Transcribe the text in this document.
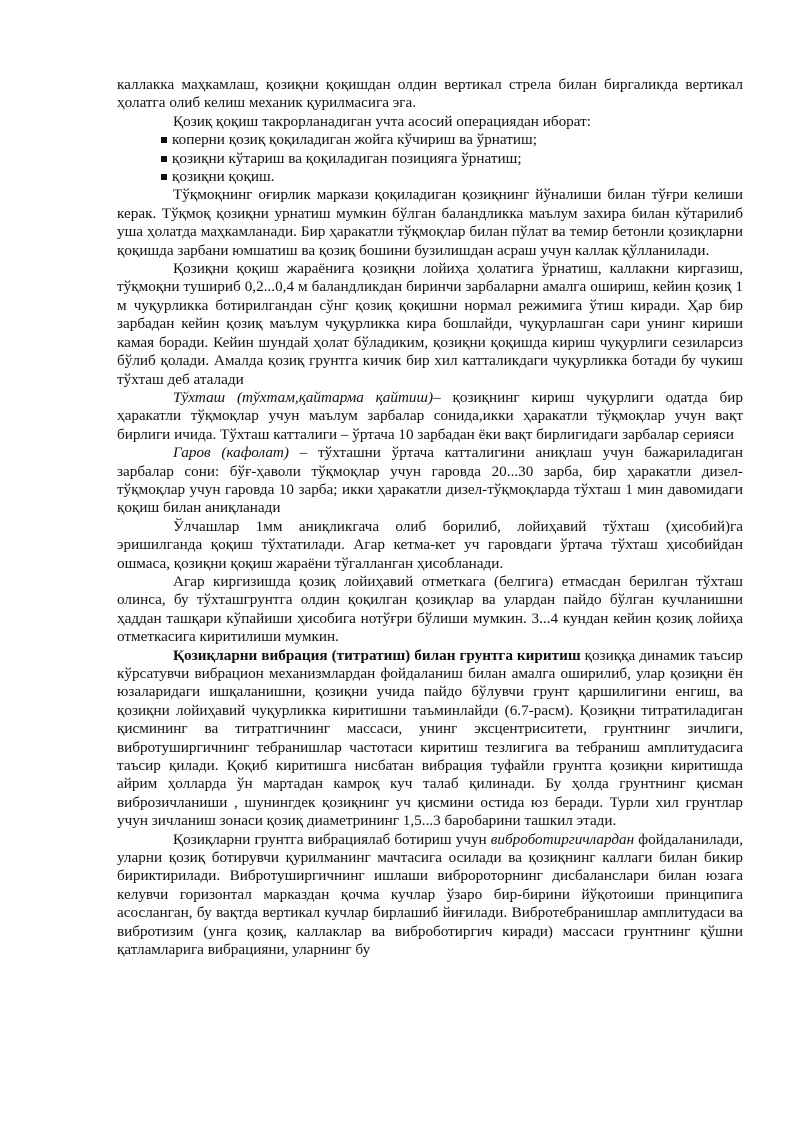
каллакка маҳкамлаш, қозиқни қоқишдан олдин вертикал стрела билан биргаликда вертикал ҳолатга олиб келиш механик қурилмасига эга.

Қозиқ қоқиш такрорланадиган учта асосий операциядан иборат:

коперни қозиқ қоқиладиган жойга кўчириш ва ўрнатиш;
қозиқни кўтариш ва қоқиладиган позицияга ўрнатиш;
қозиқни қоқиш.

Тўқмоқнинг оғирлик маркази қоқиладиган қозиқнинг йўналиши билан тўғри келиши керак. Тўқмоқ қозиқни урнатиш мумкин бўлган баландликка маълум захира билан кўтарилиб уша ҳолатда маҳкамланади. Бир ҳаракатли тўқмоқлар билан пўлат ва темир бетонли қозиқларни қоқишда зарбани юмшатиш ва қозиқ бошини бузилишдан асраш учун каллак қўлланилади.

Қозиқни қоқиш жараёнига қозиқни лойиҳа ҳолатига ўрнатиш, каллакни киргазиш, тўқмоқни тушириб 0,2...0,4 м баландликдан биринчи зарбаларни амалга ошириш, кейин қозиқ 1 м чуқурликка ботирилгандан сўнг қозиқ қоқишни нормал режимига ўтиш киради. Ҳар бир зарбадан кейин қозиқ маълум чуқурликка кира бошлайди, чуқурлашган сари унинг кириши камая боради. Кейин шундай ҳолат бўладиким, қозиқни қоқишда кириш чуқурлиги сезиларсиз бўлиб қолади. Амалда қозиқ грунтга кичик бир хил катталикдаги чуқурликка ботади бу чукиш тўхташ деб аталади

Тўхташ (тўхтам,қайтарма қайтиш)– қозиқнинг кириш чуқурлиги одатда бир ҳаракатли тўқмоқлар учун маълум зарбалар сонида,икки ҳаракатли тўқмоқлар учун вақт бирлиги ичида. Тўхташ катталиги – ўртача 10 зарбадан ёки вақт бирлигидаги зарбалар серияси

Гаров (кафолат) – тўхташни ўртача катталигини аниқлаш учун бажариладиган зарбалар сони: бўғ-ҳаволи тўқмоқлар учун гаровда 20...30 зарба, бир ҳаракатли дизел-тўқмоқлар учун гаровда 10 зарба; икки ҳаракатли дизел-тўқмоқларда тўхташ 1 мин давомидаги қоқиш билан аниқланади

Ўлчашлар 1мм аниқликгача олиб борилиб, лойиҳавий тўхташ (ҳисобий)га эришилганда қоқиш тўхтатилади. Агар кетма-кет уч гаровдаги ўртача тўхташ ҳисобийдан ошмаса, қозиқни қоқиш жараёни тўгалланган ҳисобланади.

Агар киргизишда қозиқ лойиҳавий отметкага (белгига) етмасдан берилган тўхташ олинса, бу тўхташгрунтга олдин қоқилган қозиқлар ва улардан пайдо бўлган кучланишни ҳаддан ташқари кўпайиши ҳисобига нотўғри бўлиши мумкин. 3...4 кундан кейин қозиқ лойиҳа отметкасига киритилиши мумкин.

Қозиқларни вибрация (титратиш) билан грунтга киритиш қозиққа динамик таъсир кўрсатувчи вибрацион механизмлардан фойдаланиш билан амалга оширилиб, улар қозиқни ён юзаларидаги ишқаланишни, қозиқни учида пайдо бўлувчи грунт қаршилигини енгиш, ва қозиқни лойиҳавий чуқурликка киритишни таъминлайди (6.7-расм). Қозиқни титратиладиган қисмининг ва титратгичнинг массаси, унинг эксцентриситети, грунтнинг зичлиги, вибротуширгичнинг тебранишлар частотаси киритиш тезлигига ва тебраниш амплитудасига таъсир қилади. Қоқиб киритишга нисбатан вибрация туфайли грунтга қозиқни киритишда айрим ҳолларда ўн мартадан камроқ куч талаб қилинади. Бу ҳолда грунтнинг қисман виброзичланиши , шунингдек қозиқнинг уч қисмини остида юз беради. Турли хил грунтлар учун зичланиш зонаси қозиқ диаметрининг 1,5...3 баробарини ташкил этади.

Қозиқларни грунтга вибрациялаб ботириш учун виброботиргичлардан фойдаланилади, уларни қозиқ ботирувчи қурилманинг мачтасига осилади ва қозиқнинг каллаги билан бикир бириктирилади. Вибротуширгичнинг ишлаши вибророторнинг дисбаланслари билан юзага келувчи горизонтал марказдан қочма кучлар ўзаро бир-бирини йўқотоиши принципига асосланган, бу вақтда вертикал кучлар бирлашиб йиғилади. Вибротебранишлар амплитудаси ва вибротизим (унга қозиқ, каллаклар ва виброботиргич киради) массаси грунтнинг қўшни қатламларига вибрацияни, уларнинг бу
